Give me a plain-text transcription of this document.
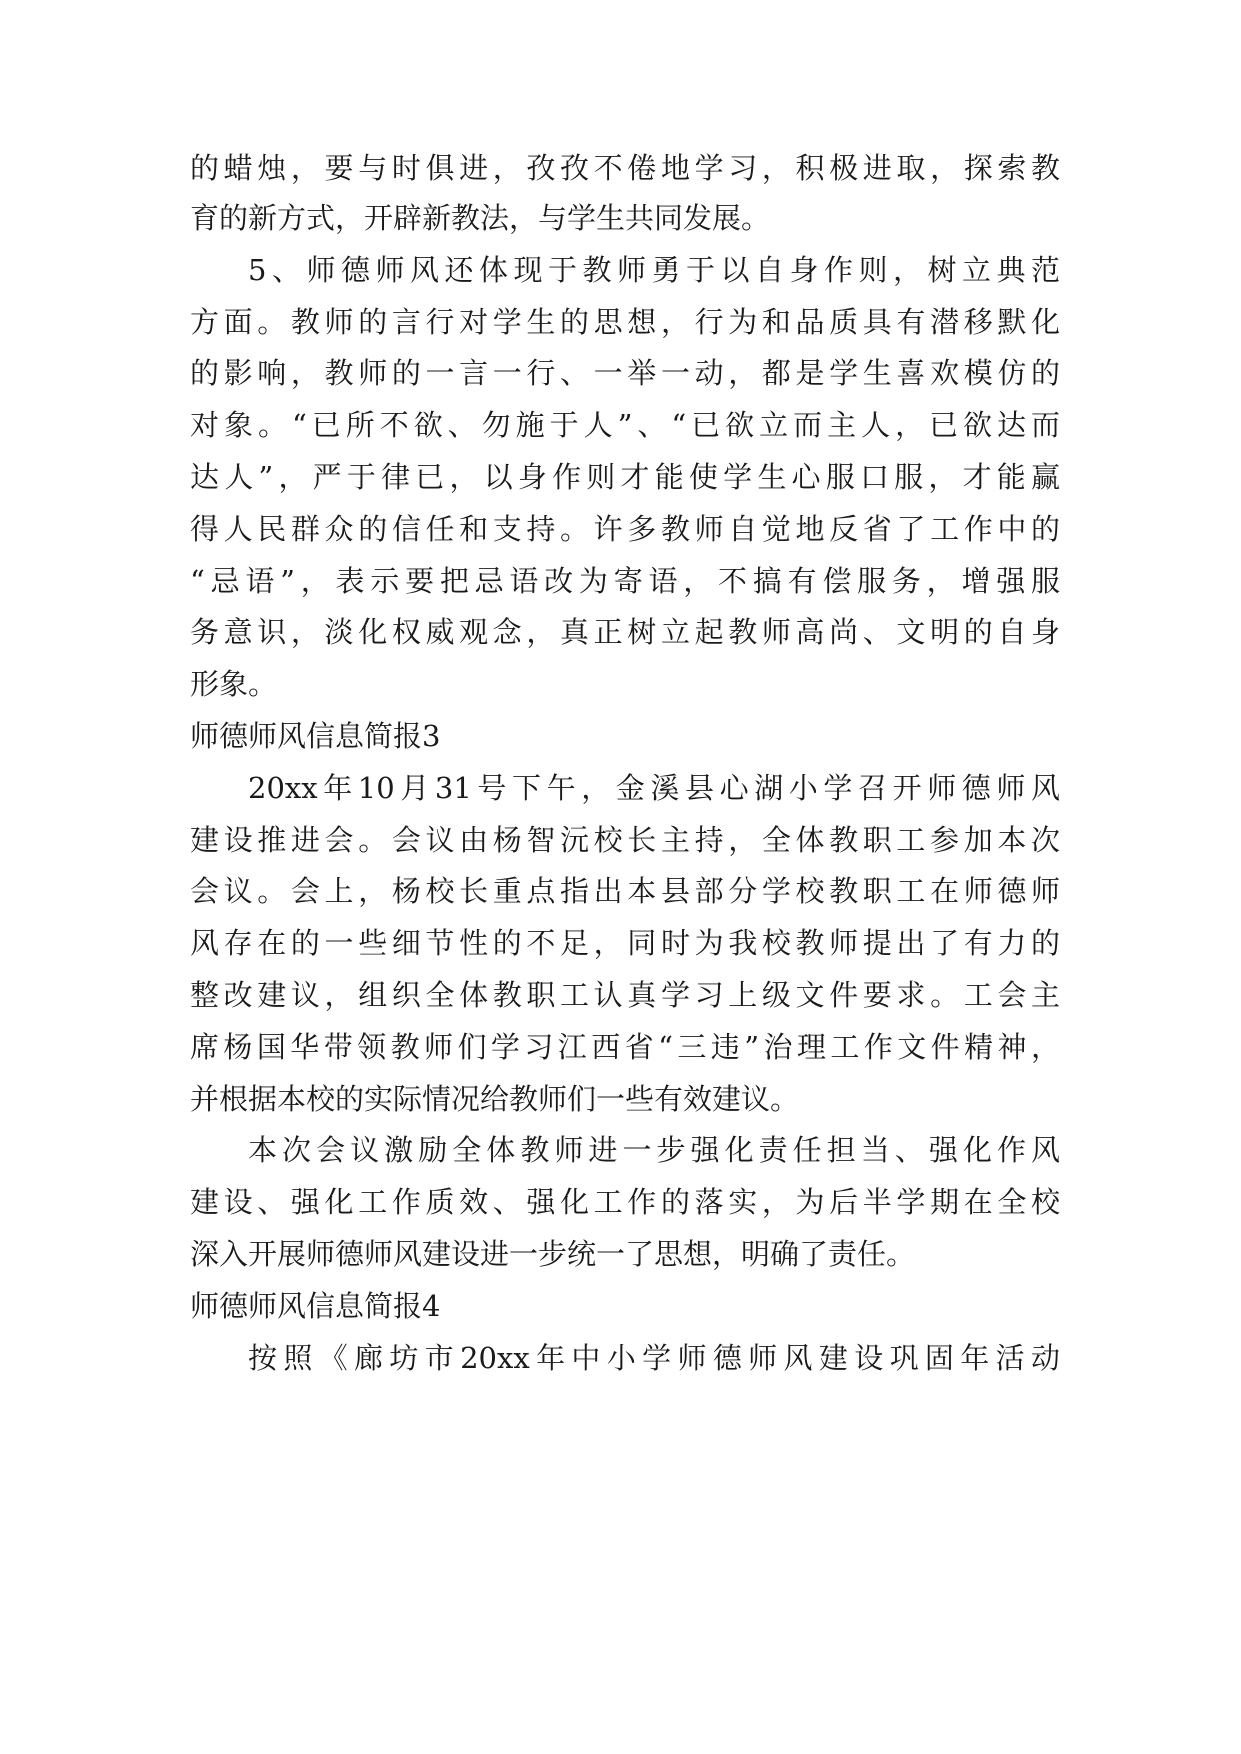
的蜡烛，要与时俱进，孜孜不倦地学习，积极进取，探索教
育的新方式，开辟新教法，与学生共同发展。
5、师德师风还体现于教师勇于以自身作则，树立典范
方面。教师的言行对学生的思想，行为和品质具有潜移默化
的影响，教师的一言一行、一举一动，都是学生喜欢模仿的
对象。“已所不欲、勿施于人”、“已欲立而主人，已欲达而
达人”，严于律已，以身作则才能使学生心服口服，才能赢
得人民群众的信任和支持。许多教师自觉地反省了工作中的
“忌语”，表示要把忌语改为寄语，不搞有偿服务，增强服
务意识，淡化权威观念，真正树立起教师高尚、文明的自身
形象。
师德师风信息简报3
20xx年10月31号下午，金溪县心湖小学召开师德师风
建设推进会。会议由杨智沅校长主持，全体教职工参加本次
会议。会上，杨校长重点指出本县部分学校教职工在师德师
风存在的一些细节性的不足，同时为我校教师提出了有力的
整改建议，组织全体教职工认真学习上级文件要求。工会主
席杨国华带领教师们学习江西省“三违”治理工作文件精神，
并根据本校的实际情况给教师们一些有效建议。
本次会议激励全体教师进一步强化责任担当、强化作风
建设、强化工作质效、强化工作的落实，为后半学期在全校
深入开展师德师风建设进一步统一了思想，明确了责任。
师德师风信息简报4
按照《廊坊市20xx年中小学师德师风建设巩固年活动
